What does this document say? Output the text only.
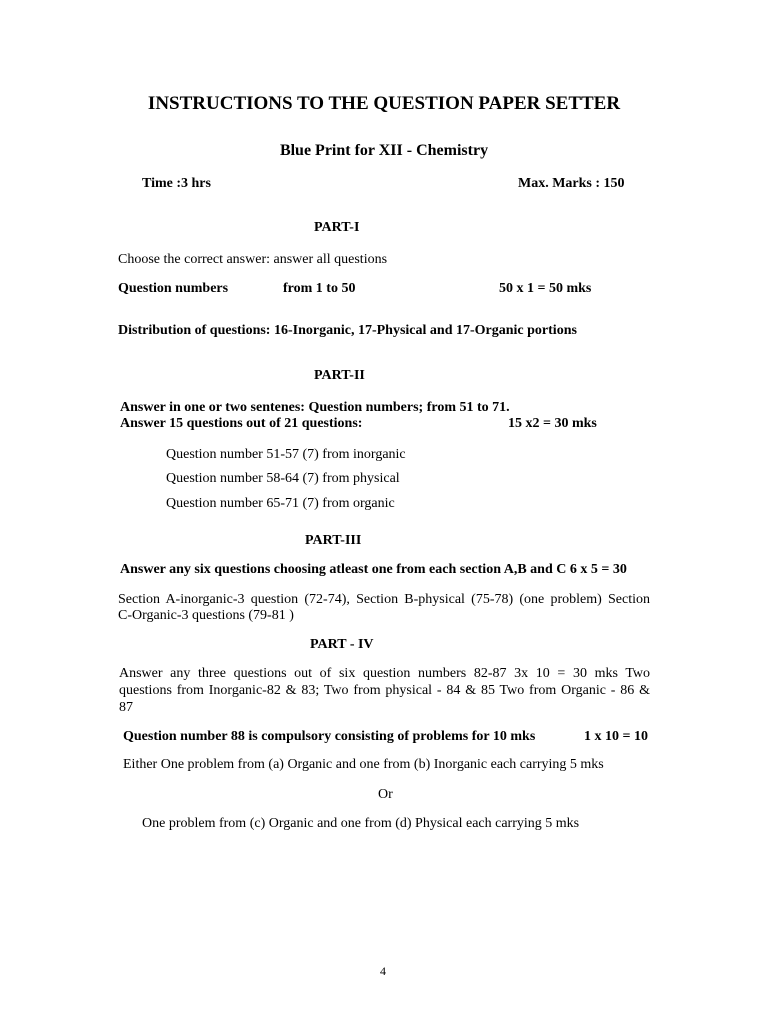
INSTRUCTIONS TO THE QUESTION PAPER SETTER
Blue Print for XII - Chemistry
Time :3 hrs	Max. Marks : 150
PART-I
Choose the correct answer: answer all questions
Question numbers	from 1 to 50	50 x 1 = 50 mks
Distribution of questions: 16-Inorganic, 17-Physical and 17-Organic portions
PART-II
Answer in one or two sentenes: Question numbers; from 51 to 71.
Answer 15 questions out of 21 questions:	15 x2 = 30 mks
Question number 51-57 (7) from inorganic
Question number 58-64 (7) from physical
Question number 65-71 (7) from organic
PART-III
Answer any six questions choosing atleast one from each section A,B and C 6 x 5 = 30
Section A-inorganic-3 question (72-74), Section B-physical (75-78) (one problem) Section
C-Organic-3 questions (79-81 )
PART - IV
Answer any three questions out of six question numbers 82-87 3x 10 = 30 mks Two
questions from Inorganic-82 & 83; Two from physical - 84 & 85 Two from Organic - 86 &
87
Question number 88 is compulsory consisting of problems for 10 mks	1 x 10 = 10
Either One problem from (a) Organic and one from (b) Inorganic each carrying 5 mks
Or
One problem from (c) Organic and one from (d) Physical each carrying 5 mks
4
